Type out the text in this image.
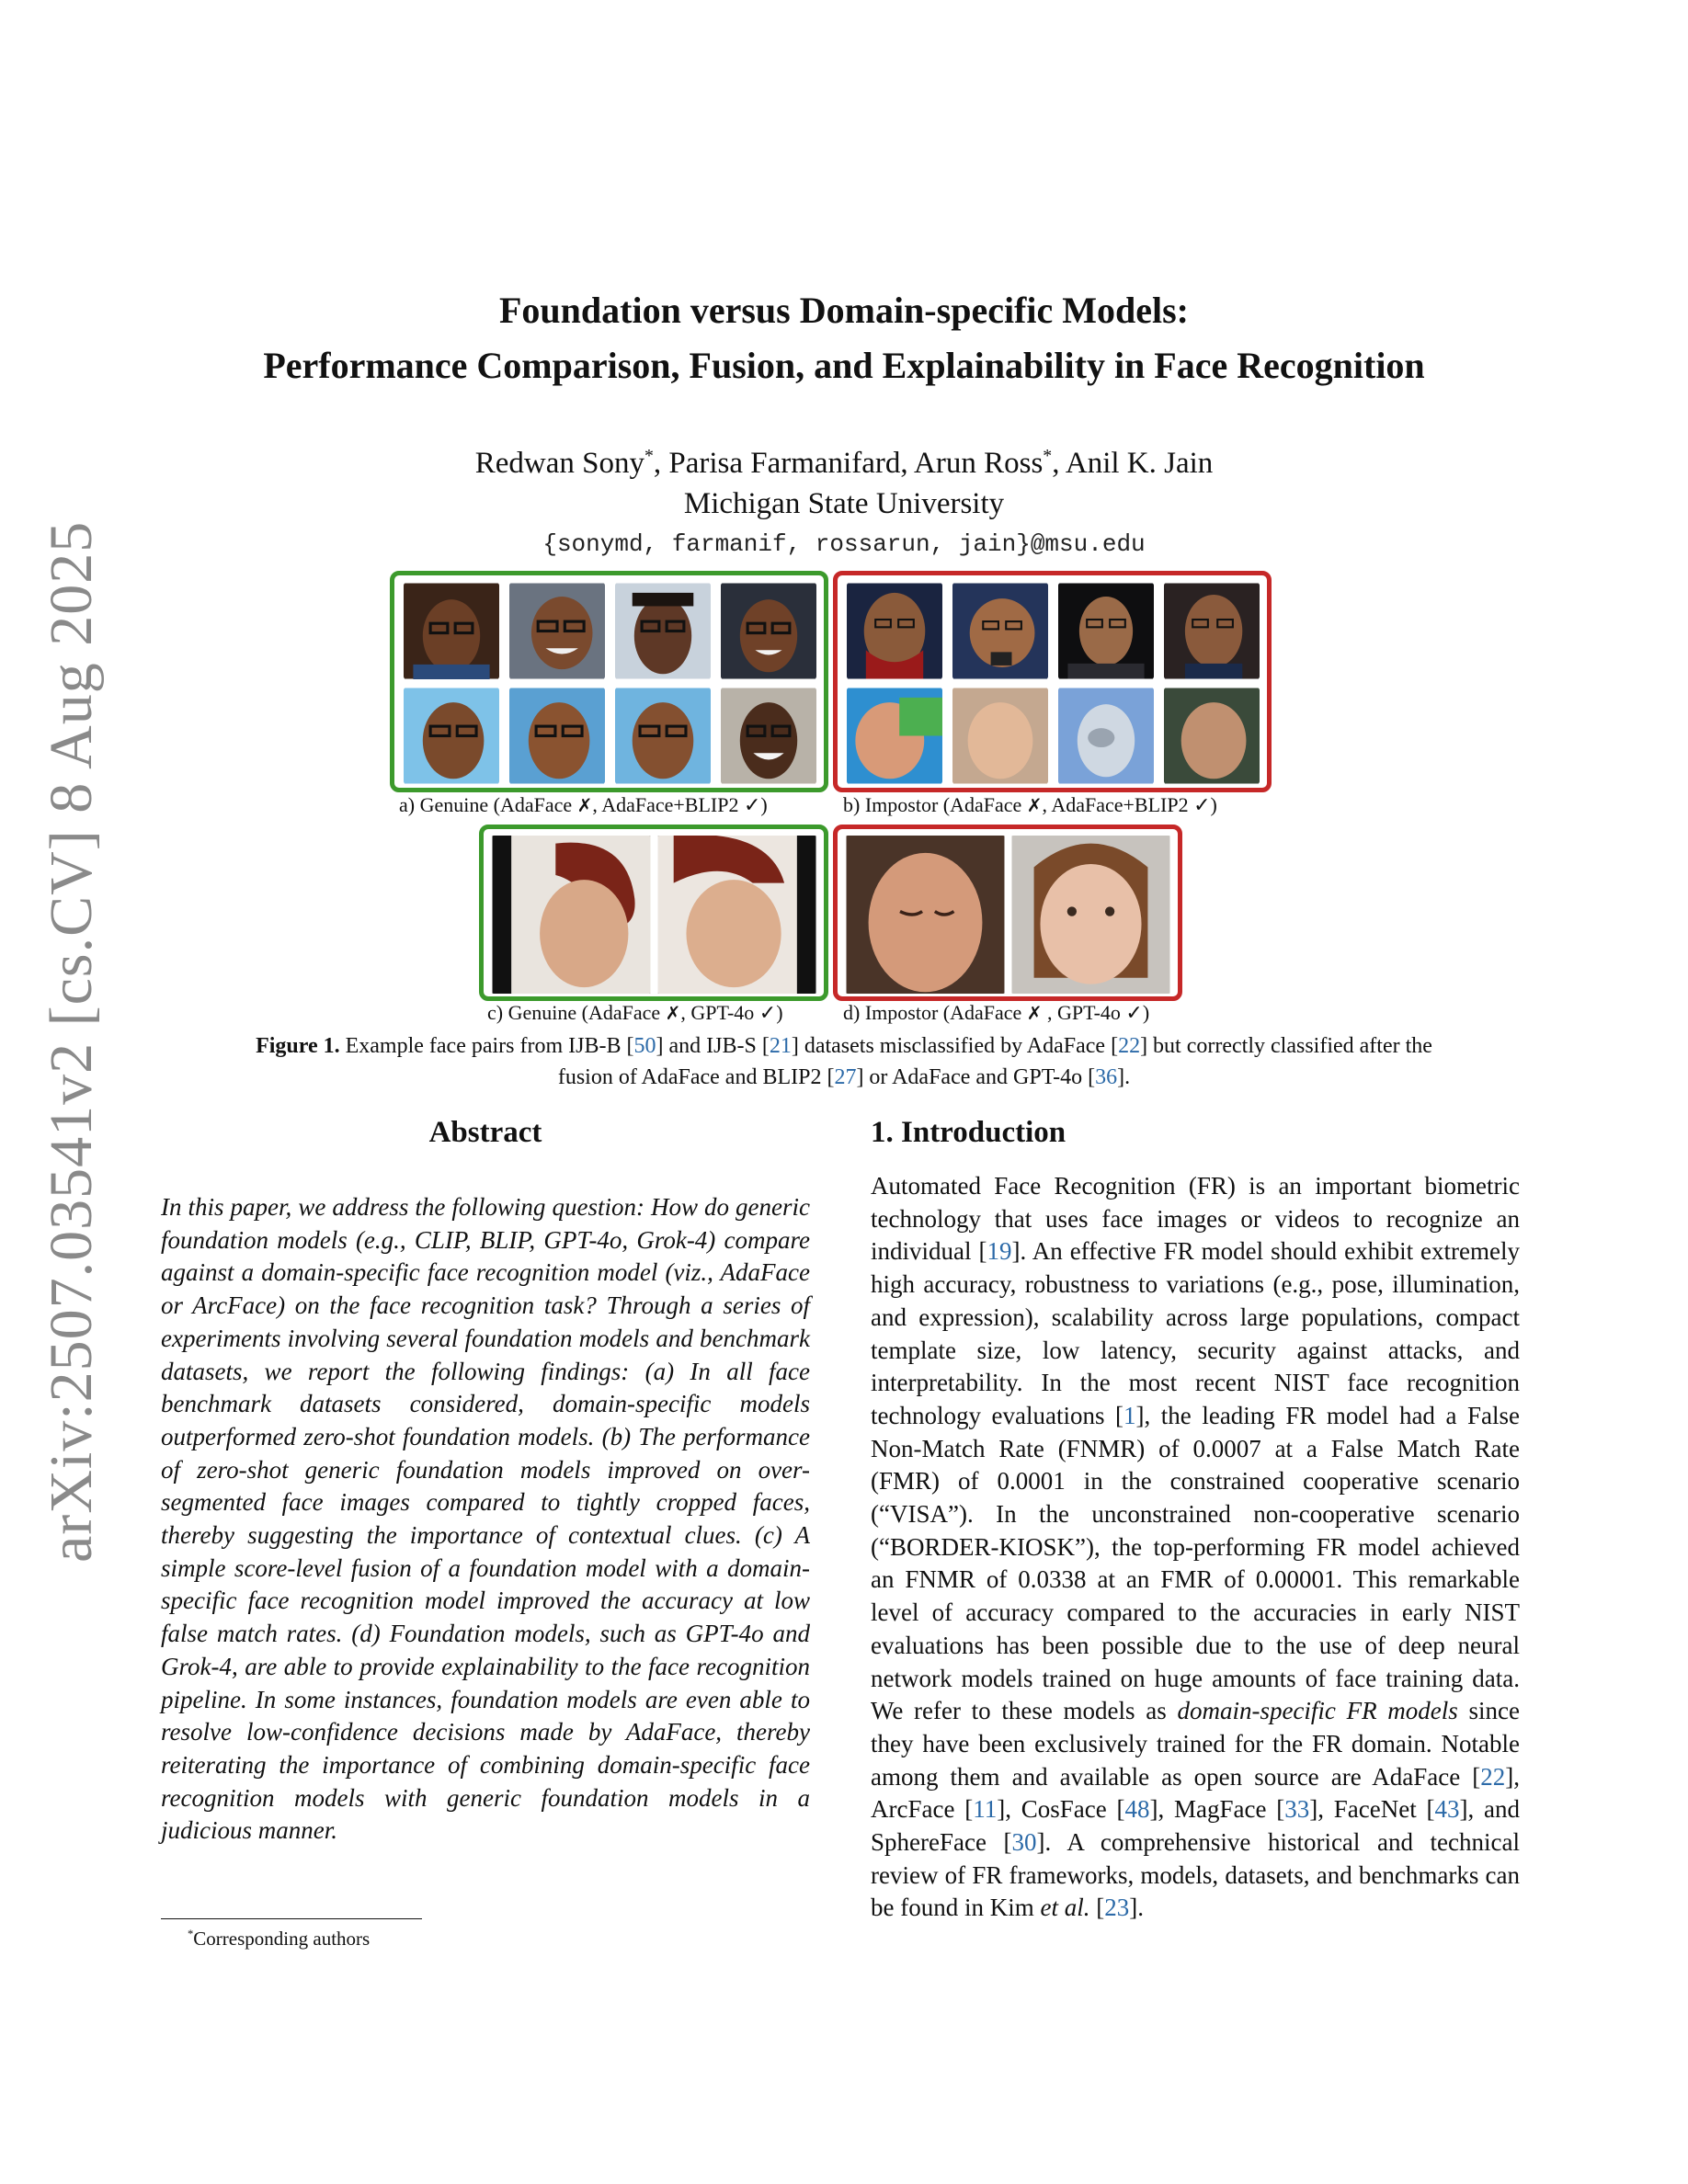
arXiv:2507.03541v2 [cs.CV] 8 Aug 2025
Foundation versus Domain-specific Models:
Performance Comparison, Fusion, and Explainability in Face Recognition
Redwan Sony*, Parisa Farmanifard, Arun Ross*, Anil K. Jain
Michigan State University
{sonymd, farmanif, rossarun, jain}@msu.edu
a) Genuine (AdaFace ✗, AdaFace+BLIP2 ✓)	b) Impostor (AdaFace ✗, AdaFace+BLIP2 ✓)
c) Genuine (AdaFace ✗, GPT-4o ✓)	d) Impostor (AdaFace ✗ , GPT-4o ✓)
Figure 1. Example face pairs from IJB-B [50] and IJB-S [21] datasets misclassified by AdaFace [22] but correctly classified after the
fusion of AdaFace and BLIP2 [27] or AdaFace and GPT-4o [36].
Abstract
In this paper, we address the following question: How do generic foundation models (e.g., CLIP, BLIP, GPT-4o, Grok-4) compare against a domain-specific face recognition model (viz., AdaFace or ArcFace) on the face recognition task? Through a series of experiments involving several foundation models and benchmark datasets, we report the following findings: (a) In all face benchmark datasets considered, domain-specific models outperformed zero-shot foundation models. (b) The performance of zero-shot generic foundation models improved on over-segmented face images compared to tightly cropped faces, thereby suggesting the importance of contextual clues. (c) A simple score-level fusion of a foundation model with a domain-specific face recognition model improved the accuracy at low false match rates. (d) Foundation models, such as GPT-4o and Grok-4, are able to provide explainability to the face recognition pipeline. In some instances, foundation models are even able to resolve low-confidence decisions made by AdaFace, thereby reiterating the importance of combining domain-specific face recognition models with generic foundation models in a judicious manner.
*Corresponding authors
1. Introduction
Automated Face Recognition (FR) is an important biometric technology that uses face images or videos to recognize an individual [19]. An effective FR model should exhibit extremely high accuracy, robustness to variations (e.g., pose, illumination, and expression), scalability across large populations, compact template size, low latency, security against attacks, and interpretability. In the most recent NIST face recognition technology evaluations [1], the leading FR model had a False Non-Match Rate (FNMR) of 0.0007 at a False Match Rate (FMR) of 0.0001 in the constrained cooperative scenario (“VISA”). In the unconstrained non-cooperative scenario (“BORDER-KIOSK”), the top-performing FR model achieved an FNMR of 0.0338 at an FMR of 0.00001. This remarkable level of accuracy compared to the accuracies in early NIST evaluations has been possible due to the use of deep neural network models trained on huge amounts of face training data. We refer to these models as domain-specific FR models since they have been exclusively trained for the FR domain. Notable among them and available as open source are AdaFace [22], ArcFace [11], CosFace [48], MagFace [33], FaceNet [43], and SphereFace [30]. A comprehensive historical and technical review of FR frameworks, models, datasets, and benchmarks can be found in Kim et al. [23].
